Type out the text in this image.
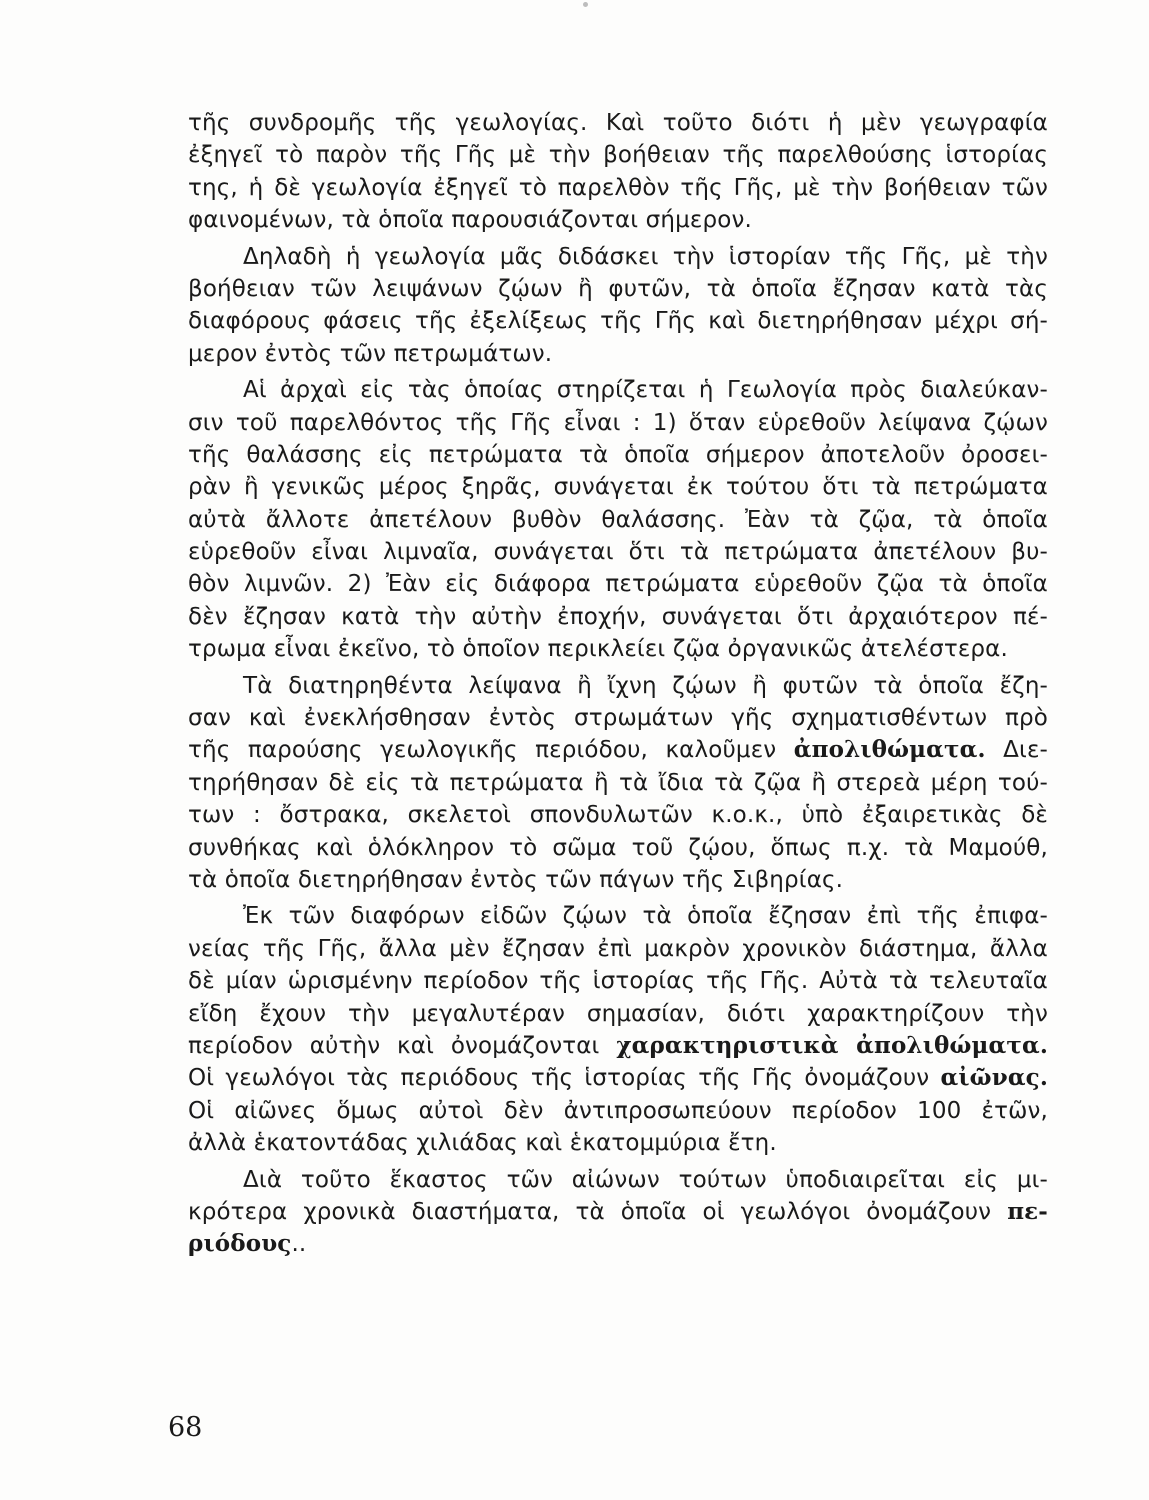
τῆς συνδρομῆς τῆς γεωλογίας. Καὶ τοῦτο διότι ἡ μὲν γεωγραφία
ἐξηγεῖ τὸ παρὸν τῆς Γῆς μὲ τὴν βοήθειαν τῆς παρελθούσης ἱστορίας
της, ἡ δὲ γεωλογία ἐξηγεῖ τὸ παρελθὸν τῆς Γῆς, μὲ τὴν βοήθειαν τῶν
φαινομένων, τὰ ὁποῖα παρουσιάζονται σήμερον.
Δηλαδὴ ἡ γεωλογία μᾶς διδάσκει τὴν ἱστορίαν τῆς Γῆς, μὲ τὴν
βοήθειαν τῶν λειψάνων ζῴων ἢ φυτῶν, τὰ ὁποῖα ἔζησαν κατὰ τὰς
διαφόρους φάσεις τῆς ἐξελίξεως τῆς Γῆς καὶ διετηρήθησαν μέχρι σή-
μερον ἐντὸς τῶν πετρωμάτων.
Αἱ ἀρχαὶ εἰς τὰς ὁποίας στηρίζεται ἡ Γεωλογία πρὸς διαλεύκαν-
σιν τοῦ παρελθόντος τῆς Γῆς εἶναι : 1) ὅταν εὑρεθοῦν λείψανα ζῴων
τῆς θαλάσσης εἰς πετρώματα τὰ ὁποῖα σήμερον ἀποτελοῦν ὀροσει-
ρὰν ἢ γενικῶς μέρος ξηρᾶς, συνάγεται ἐκ τούτου ὅτι τὰ πετρώματα
αὐτὰ ἄλλοτε ἀπετέλουν βυθὸν θαλάσσης. Ἐὰν τὰ ζῷα, τὰ ὁποῖα
εὑρεθοῦν εἶναι λιμναῖα, συνάγεται ὅτι τὰ πετρώματα ἀπετέλουν βυ-
θὸν λιμνῶν. 2) Ἐὰν εἰς διάφορα πετρώματα εὑρεθοῦν ζῷα τὰ ὁποῖα
δὲν ἔζησαν κατὰ τὴν αὐτὴν ἐποχήν, συνάγεται ὅτι ἀρχαιότερον πέ-
τρωμα εἶναι ἐκεῖνο, τὸ ὁποῖον περικλείει ζῷα ὀργανικῶς ἀτελέστερα.
Τὰ διατηρηθέντα λείψανα ἢ ἴχνη ζῴων ἢ φυτῶν τὰ ὁποῖα ἔζη-
σαν καὶ ἐνεκλήσθησαν ἐντὸς στρωμάτων γῆς σχηματισθέντων πρὸ
τῆς παρούσης γεωλογικῆς περιόδου, καλοῦμεν ἀπολιθώματα. Διε-
τηρήθησαν δὲ εἰς τὰ πετρώματα ἢ τὰ ἴδια τὰ ζῷα ἢ στερεὰ μέρη τού-
των : ὄστρακα, σκελετοὶ σπονδυλωτῶν κ.ο.κ., ὑπὸ ἐξαιρετικὰς δὲ
συνθήκας καὶ ὁλόκληρον τὸ σῶμα τοῦ ζῴου, ὅπως π.χ. τὰ Μαμούθ,
τὰ ὁποῖα διετηρήθησαν ἐντὸς τῶν πάγων τῆς Σιβηρίας.
Ἐκ τῶν διαφόρων εἰδῶν ζῴων τὰ ὁποῖα ἔζησαν ἐπὶ τῆς ἐπιφα-
νείας τῆς Γῆς, ἄλλα μὲν ἔζησαν ἐπὶ μακρὸν χρονικὸν διάστημα, ἄλλα
δὲ μίαν ὡρισμένην περίοδον τῆς ἱστορίας τῆς Γῆς. Αὐτὰ τὰ τελευταῖα
εἴδη ἔχουν τὴν μεγαλυτέραν σημασίαν, διότι χαρακτηρίζουν τὴν
περίοδον αὐτὴν καὶ ὀνομάζονται χαρακτηριστικὰ ἀπολιθώματα.
Οἱ γεωλόγοι τὰς περιόδους τῆς ἱστορίας τῆς Γῆς ὀνομάζουν αἰῶνας.
Οἱ αἰῶνες ὅμως αὐτοὶ δὲν ἀντιπροσωπεύουν περίοδον 100 ἐτῶν,
ἀλλὰ ἑκατοντάδας χιλιάδας καὶ ἑκατομμύρια ἔτη.
Διὰ τοῦτο ἕκαστος τῶν αἰώνων τούτων ὑποδιαιρεῖται εἰς μι-
κρότερα χρονικὰ διαστήματα, τὰ ὁποῖα οἱ γεωλόγοι ὀνομάζουν πε-
ριόδους..
68
